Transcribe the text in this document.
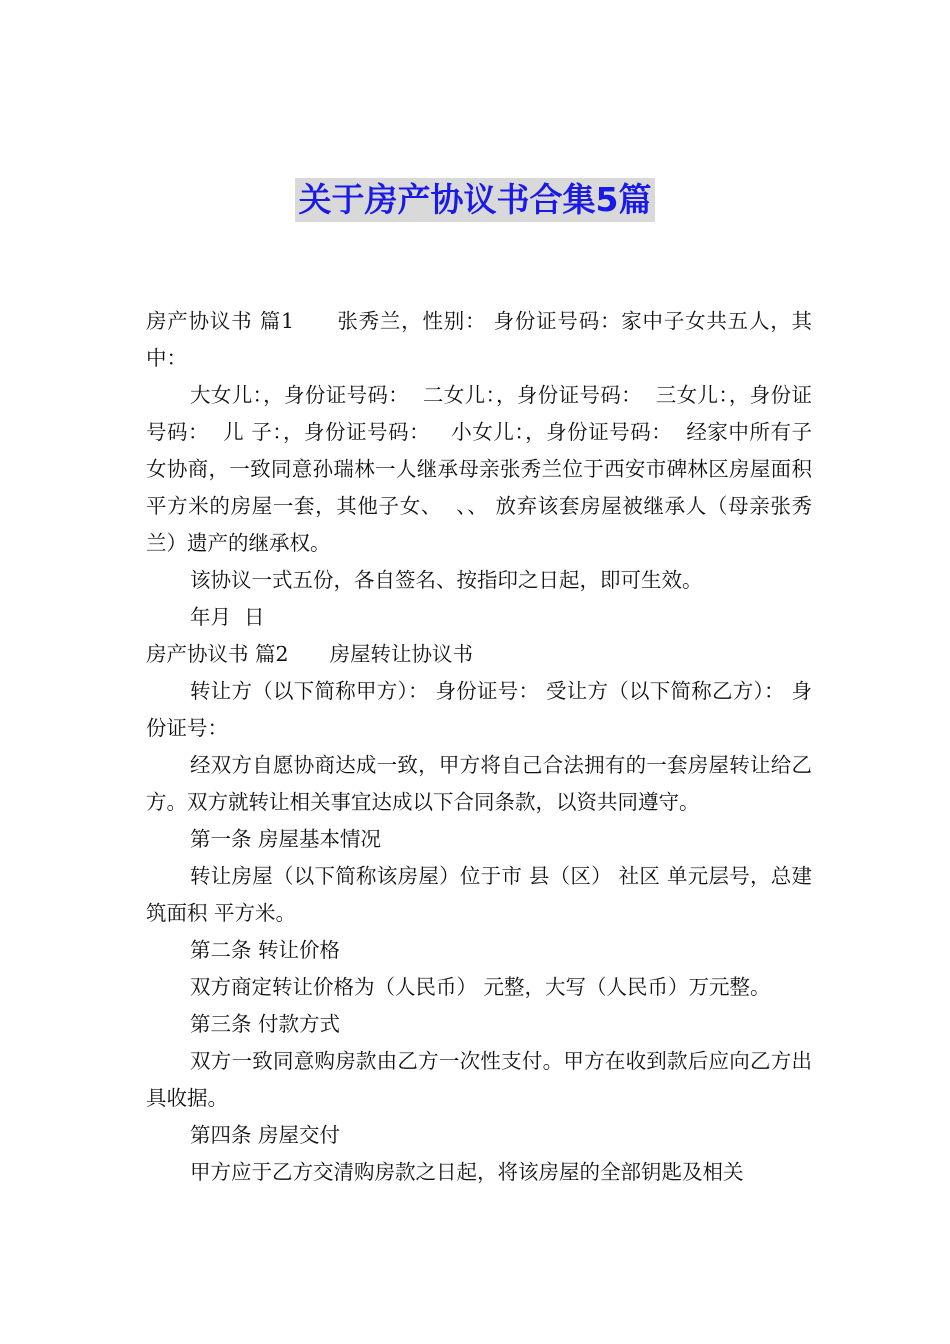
关于房产协议书合集5篇

房产协议书 篇1　　张秀兰，性别： 身份证号码：家中子女共五人，其中：

大女儿：，身份证号码：  二女儿：，身份证号码：  三女儿：，身份证号码：  儿 子：，身份证号码：   小女儿：，身份证号码：  经家中所有子女协商，一致同意孙瑞林一人继承母亲张秀兰位于西安市碑林区房屋面积平方米的房屋一套，其他子女、  、、 放弃该套房屋被继承人（母亲张秀兰）遗产的继承权。

该协议一式五份，各自签名、按指印之日起，即可生效。

年月  日

房产协议书 篇2　　房屋转让协议书

转让方（以下简称甲方）： 身份证号： 受让方（以下简称乙方）： 身份证号：

经双方自愿协商达成一致，甲方将自己合法拥有的一套房屋转让给乙方。双方就转让相关事宜达成以下合同条款，以资共同遵守。

第一条 房屋基本情况

转让房屋（以下简称该房屋）位于市 县（区） 社区 单元层号，总建筑面积 平方米。

第二条 转让价格

双方商定转让价格为（人民币） 元整，大写（人民币）万元整。

第三条 付款方式

双方一致同意购房款由乙方一次性支付。甲方在收到款后应向乙方出具收据。

第四条 房屋交付

甲方应于乙方交清购房款之日起，将该房屋的全部钥匙及相关
